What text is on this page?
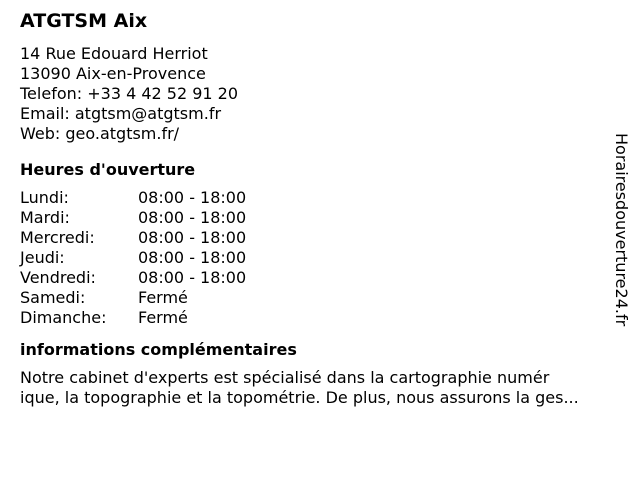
ATGTSM Aix
14 Rue Edouard Herriot
13090 Aix-en-Provence
Telefon: +33 4 42 52 91 20
Email: atgtsm@atgtsm.fr
Web: geo.atgtsm.fr/
Heures d'ouverture
Lundi:	08:00 - 18:00
Mardi:	08:00 - 18:00
Mercredi:	08:00 - 18:00
Jeudi:	08:00 - 18:00
Vendredi:	08:00 - 18:00
Samedi:	Fermé
Dimanche:	Fermé
informations complémentaires
Notre cabinet d'experts est spécialisé dans la cartographie numér
ique, la topographie et la topométrie. De plus, nous assurons la ges...
Horairesdouverture24.fr
